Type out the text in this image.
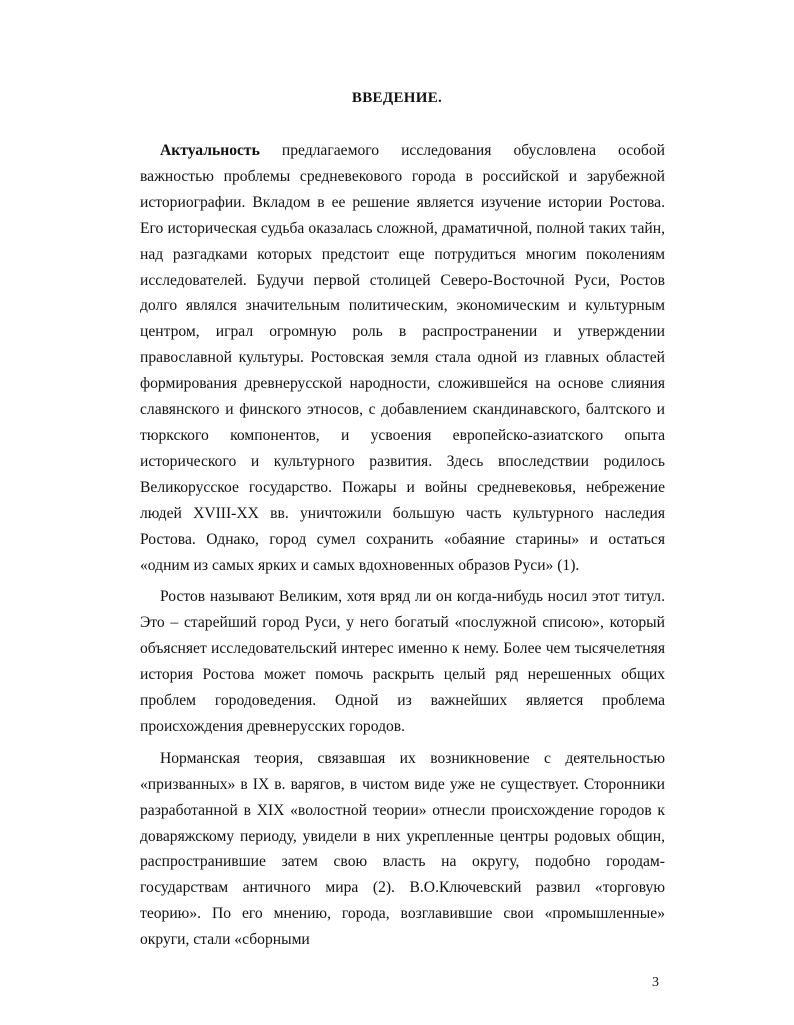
ВВЕДЕНИЕ.

Актуальность предлагаемого исследования обусловлена особой важностью проблемы средневекового города в российской и зарубежной историографии. Вкладом в ее решение является изучение истории Ростова. Его историческая судьба оказалась сложной, драматичной, полной таких тайн, над разгадками которых предстоит еще потрудиться многим поколениям исследователей. Будучи первой столицей Северо-Восточной Руси, Ростов долго являлся значительным политическим, экономическим и культурным центром, играл огромную роль в распространении и утверждении православной культуры. Ростовская земля стала одной из главных областей формирования древнерусской народности, сложившейся на основе слияния славянского и финского этносов, с добавлением скандинавского, балтского и тюркского компонентов, и усвоения европейско-азиатского опыта исторического и культурного развития. Здесь впоследствии родилось Великорусское государство. Пожары и войны средневековья, небрежение людей XVIII-XX вв. уничтожили большую часть культурного наследия Ростова. Однако, город сумел сохранить «обаяние старины» и остаться «одним из самых ярких и самых вдохновенных образов Руси» (1).

Ростов называют Великим, хотя вряд ли он когда-нибудь носил этот титул. Это – старейший город Руси, у него богатый «послужной списою», который объясняет исследовательский интерес именно к нему. Более чем тысячелетняя история Ростова может помочь раскрыть целый ряд нерешенных общих проблем городоведения. Одной из важнейших является проблема происхождения древнерусских городов.

Норманская теория, связавшая их возникновение с деятельностью «призванных» в IX в. варягов, в чистом виде уже не существует. Сторонники разработанной в XIX «волостной теории» отнесли происхождение городов к доваряжскому периоду, увидели в них укрепленные центры родовых общин, распространившие затем свою власть на округу, подобно городам-государствам античного мира (2). В.О.Ключевский развил «торговую теорию». По его мнению, города, возглавившие свои «промышленные» округи, стали «сборными

3
